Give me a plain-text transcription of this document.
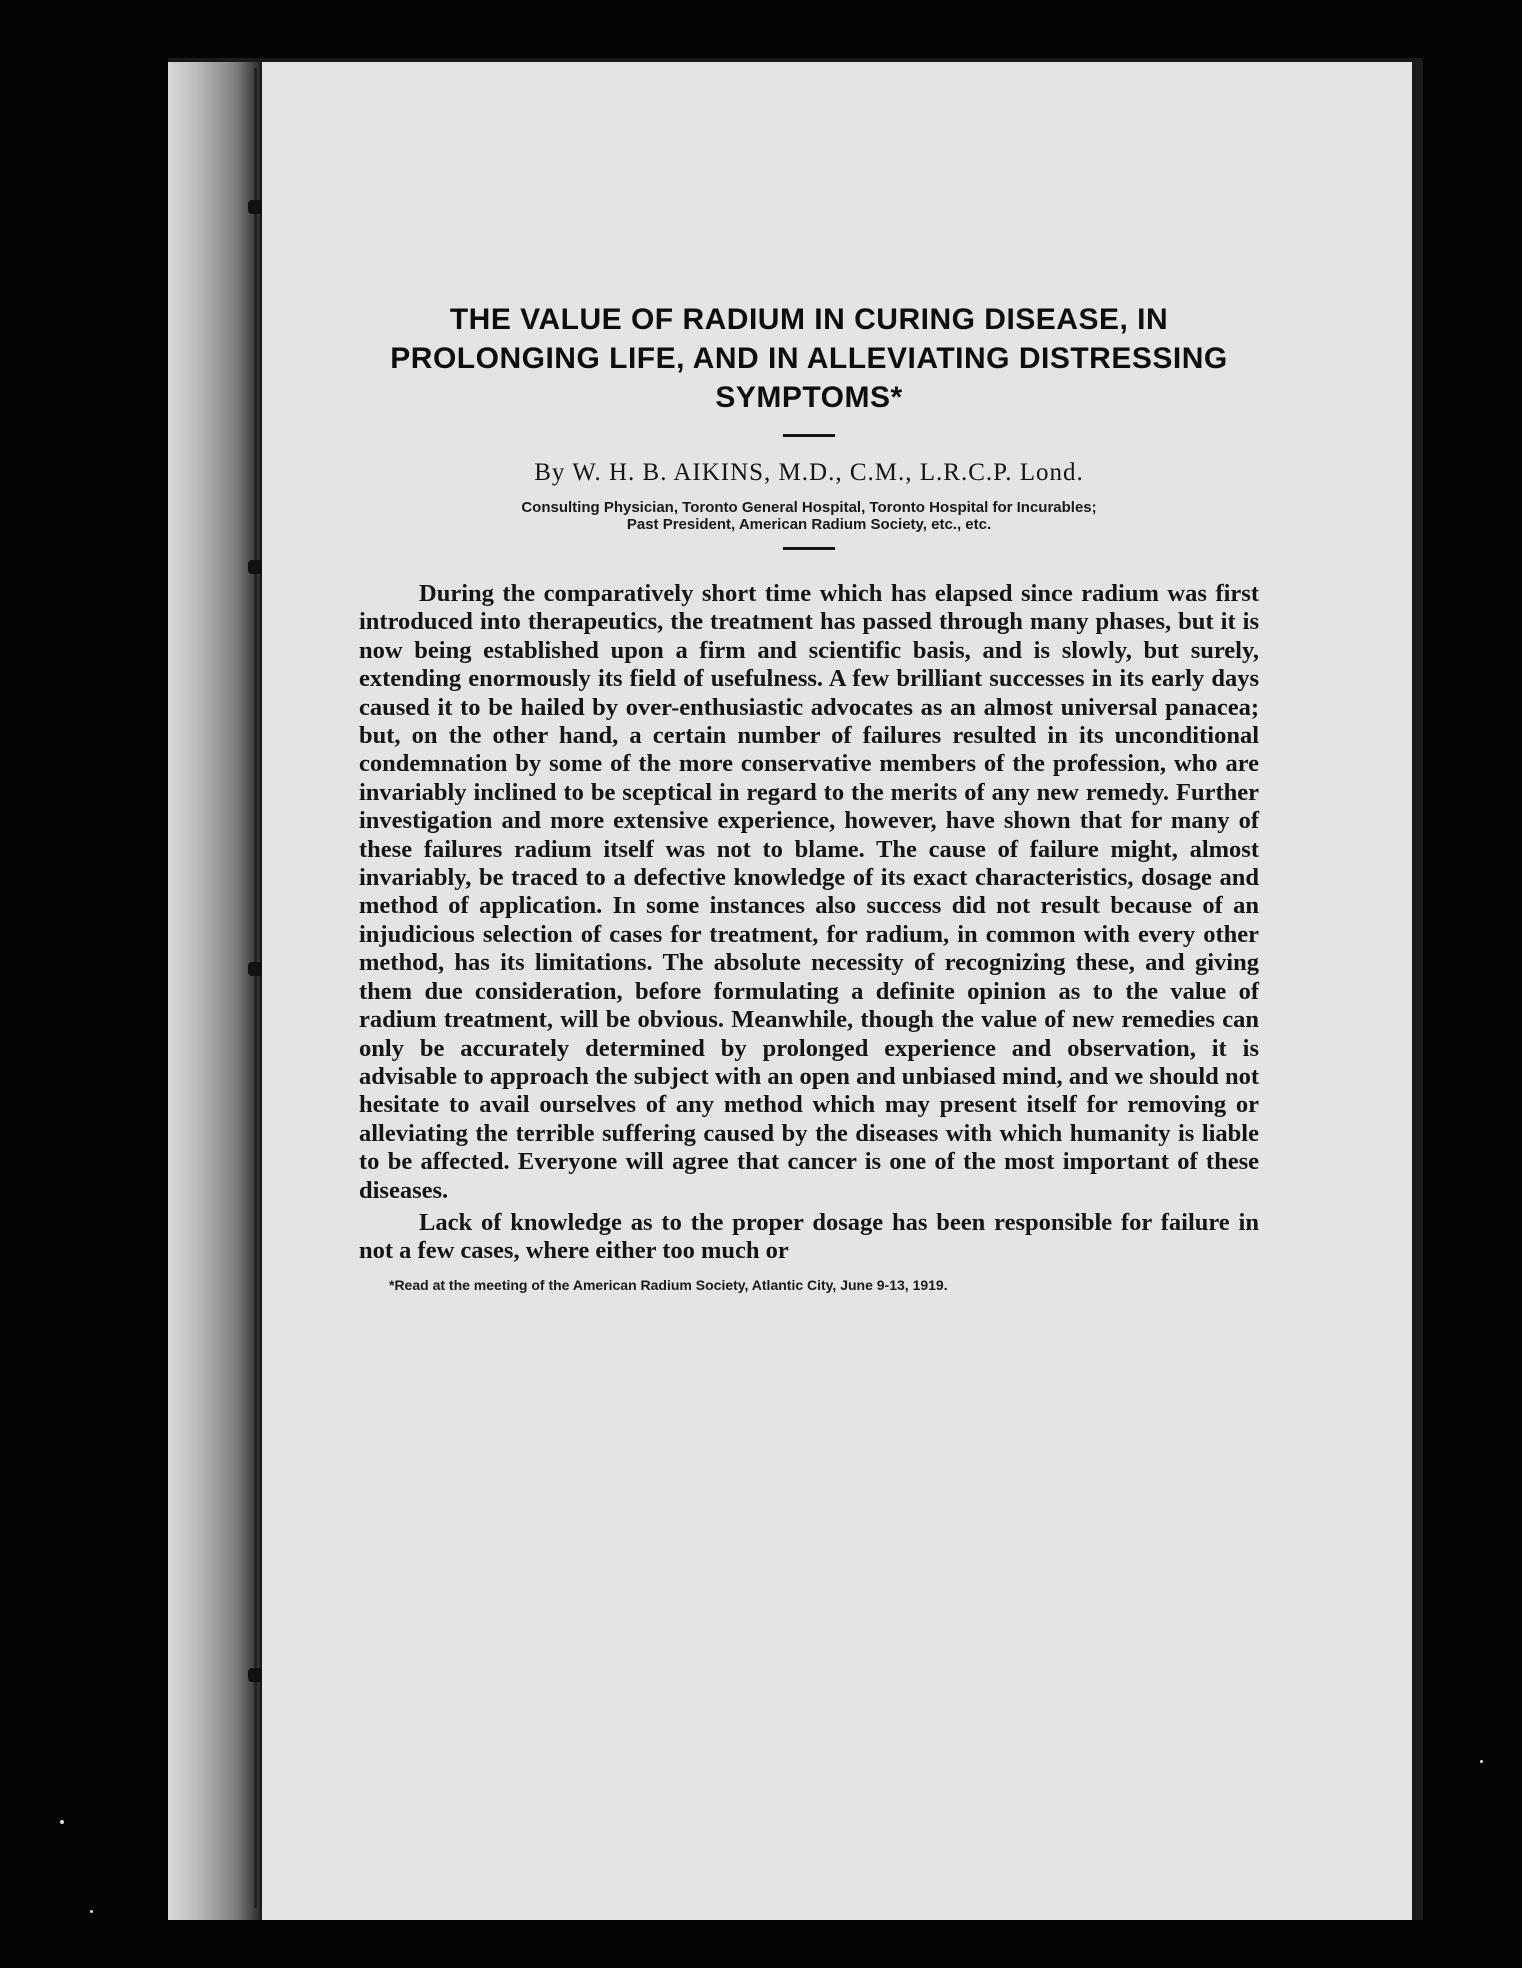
THE VALUE OF RADIUM IN CURING DISEASE, IN PROLONGING LIFE, AND IN ALLEVIATING DISTRESSING SYMPTOMS*

By W. H. B. AIKINS, M.D., C.M., L.R.C.P. Lond.

Consulting Physician, Toronto General Hospital, Toronto Hospital for Incurables;
Past President, American Radium Society, etc., etc.

During the comparatively short time which has elapsed since radium was first introduced into therapeutics, the treatment has passed through many phases, but it is now being established upon a firm and scientific basis, and is slowly, but surely, extending enormously its field of usefulness. A few brilliant successes in its early days caused it to be hailed by over-enthusiastic advocates as an almost universal panacea; but, on the other hand, a certain number of failures resulted in its unconditional condemnation by some of the more conservative members of the profession, who are invariably inclined to be sceptical in regard to the merits of any new remedy. Further investigation and more extensive experience, however, have shown that for many of these failures radium itself was not to blame. The cause of failure might, almost invariably, be traced to a defective knowledge of its exact characteristics, dosage and method of application. In some instances also success did not result because of an injudicious selection of cases for treatment, for radium, in common with every other method, has its limitations. The absolute necessity of recognizing these, and giving them due consideration, before formulating a definite opinion as to the value of radium treatment, will be obvious. Meanwhile, though the value of new remedies can only be accurately determined by prolonged experience and observation, it is advisable to approach the subject with an open and unbiased mind, and we should not hesitate to avail ourselves of any method which may present itself for removing or alleviating the terrible suffering caused by the diseases with which humanity is liable to be affected. Everyone will agree that cancer is one of the most important of these diseases.

Lack of knowledge as to the proper dosage has been responsible for failure in not a few cases, where either too much or

*Read at the meeting of the American Radium Society, Atlantic City, June 9-13, 1919.
